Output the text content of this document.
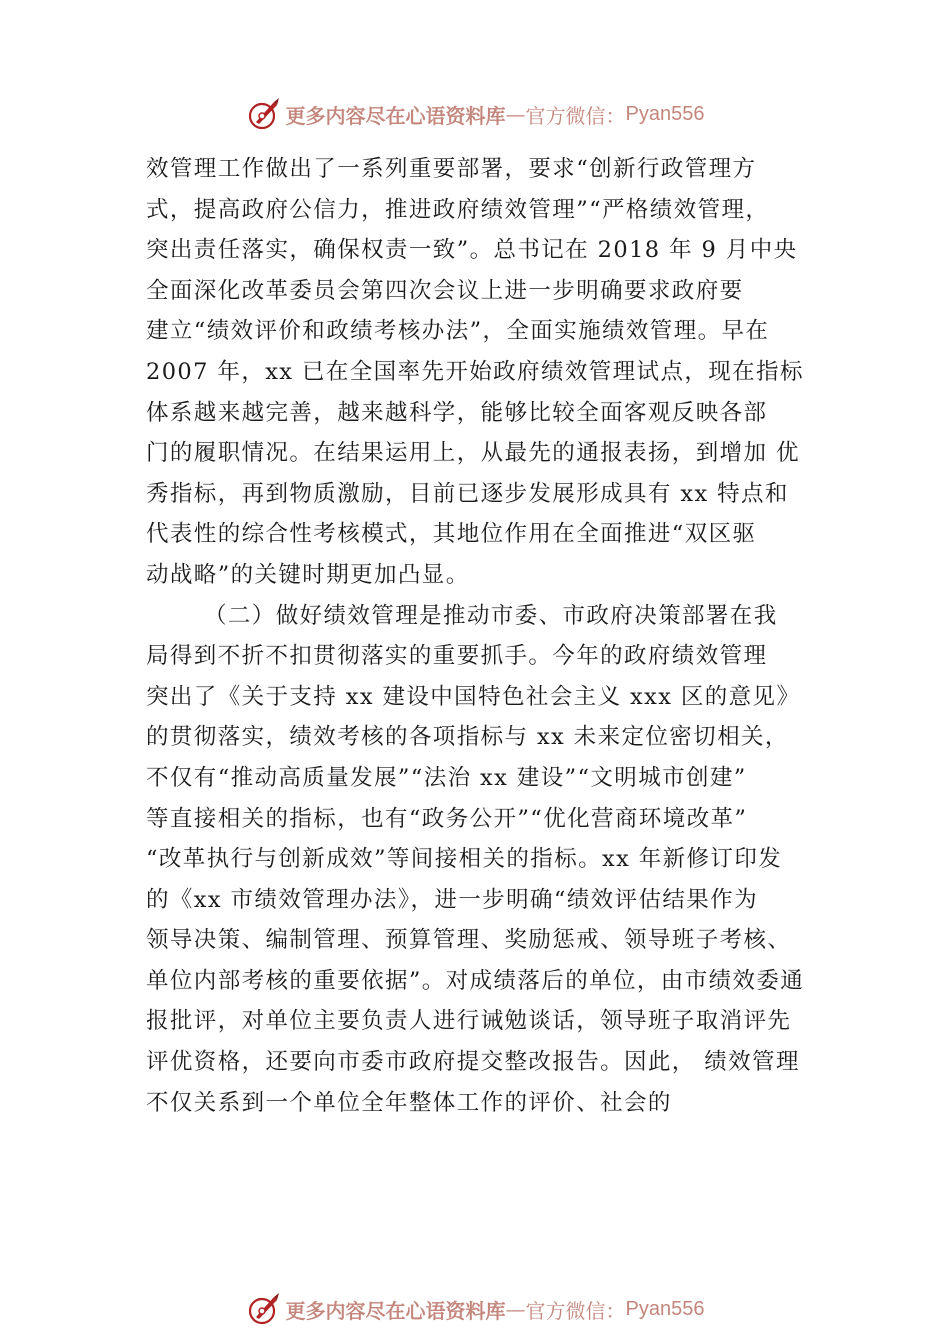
更多内容尽在心语资料库 — 官方微信： Pyan556
效管理工作做出了一系列重要部署，要求“创新行政管理方
式，提高政府公信力，推进政府绩效管理”“严格绩效管理，
突出责任落实，确保权责一致”。总书记在 2018 年 9 月中央
全面深化改革委员会第四次会议上进一步明确要求政府要
建立“绩效评价和政绩考核办法”，全面实施绩效管理。早在
2007 年，xx 已在全国率先开始政府绩效管理试点，现在指标
体系越来越完善，越来越科学，能够比较全面客观反映各部
门的履职情况。在结果运用上，从最先的通报表扬，到增加 优
秀指标，再到物质激励，目前已逐步发展形成具有 xx 特点和
代表性的综合性考核模式，其地位作用在全面推进“双区驱
动战略”的关键时期更加凸显。
（二）做好绩效管理是推动市委、市政府决策部署在我
局得到不折不扣贯彻落实的重要抓手。今年的政府绩效管理
突出了《关于支持 xx 建设中国特色社会主义 xxx 区的意见》
的贯彻落实，绩效考核的各项指标与 xx 未来定位密切相关，
不仅有“推动高质量发展”“法治 xx 建设”“文明城市创建”
等直接相关的指标，也有“政务公开”“优化营商环境改革”
“改革执行与创新成效”等间接相关的指标。xx 年新修订印发
的《xx 市绩效管理办法》，进一步明确“绩效评估结果作为
领导决策、编制管理、预算管理、奖励惩戒、领导班子考核、
单位内部考核的重要依据”。对成绩落后的单位，由市绩效委通
报批评，对单位主要负责人进行诫勉谈话，领导班子取消评先
评优资格，还要向市委市政府提交整改报告。因此， 绩效管理
不仅关系到一个单位全年整体工作的评价、社会的
更多内容尽在心语资料库 — 官方微信： Pyan556
